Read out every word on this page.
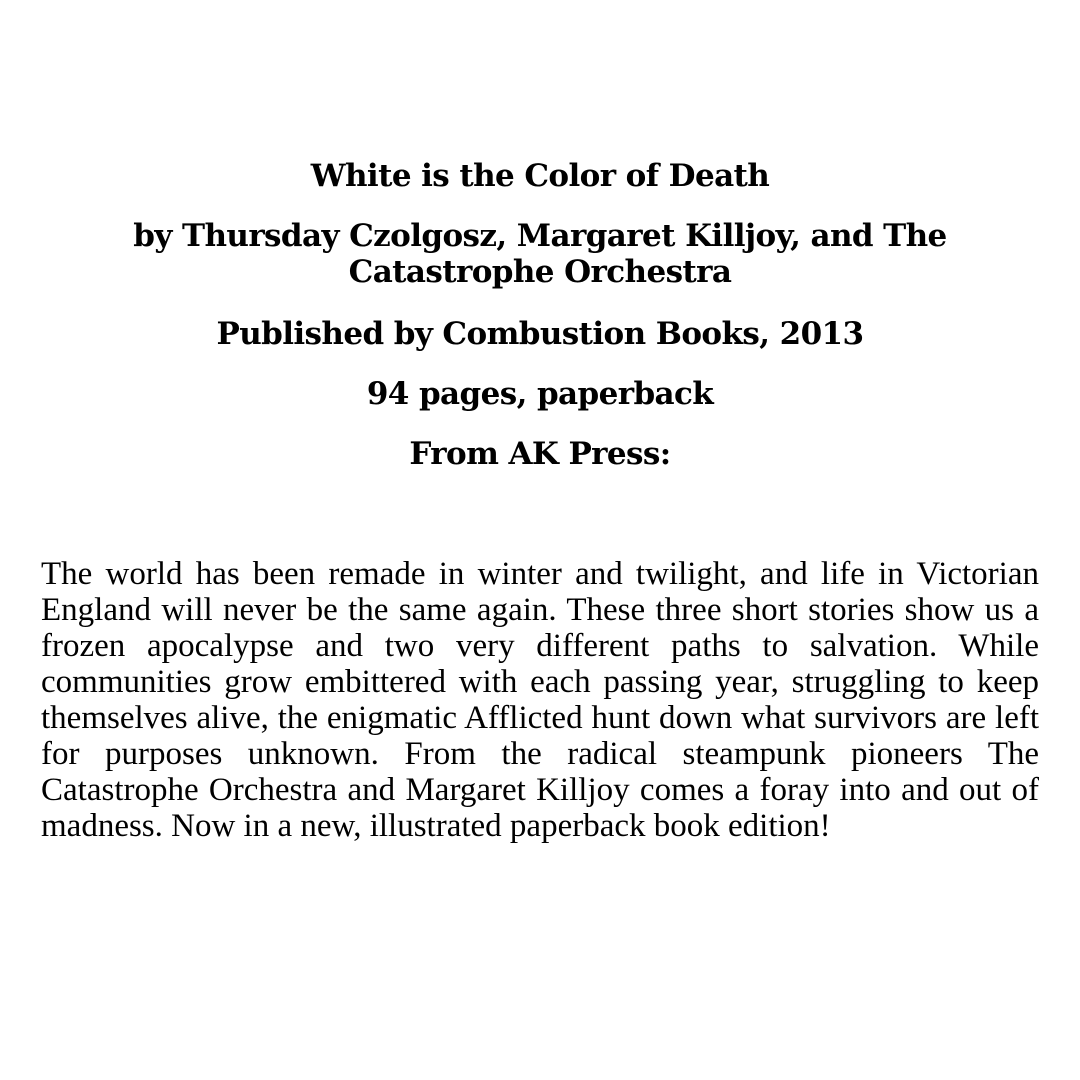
White is the Color of Death
by Thursday Czolgosz, Margaret Killjoy, and The Catastrophe Orchestra
Published by Combustion Books, 2013
94 pages, paperback
From AK Press:

The world has been remade in winter and twilight, and life in Victorian England will never be the same again. These three short stories show us a frozen apocalypse and two very different paths to salvation. While communities grow embittered with each passing year, struggling to keep themselves alive, the enigmatic Afflicted hunt down what survivors are left for purposes unknown. From the radical steampunk pioneers The Catastrophe Orchestra and Margaret Killjoy comes a foray into and out of madness. Now in a new, illustrated paperback book edition!
